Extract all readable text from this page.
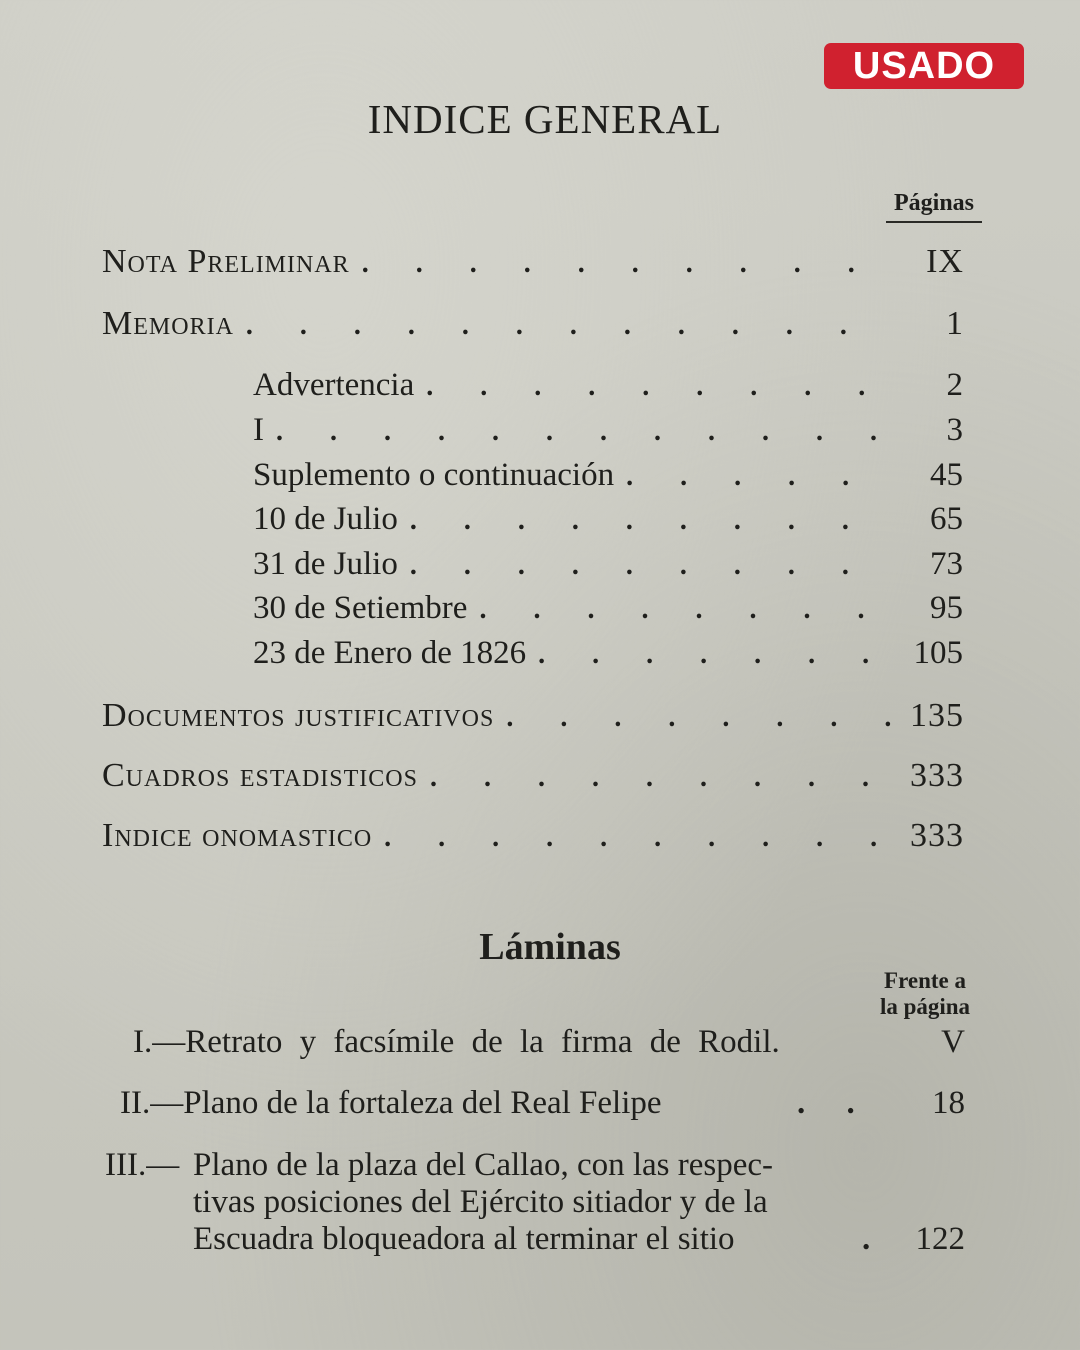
USADO
INDICE GENERAL
Páginas
Nota Preliminar . . .	IX
Memoria . . .	1
Advertencia . . .	2
I . . .	3
Suplemento o continuación . . .	45
10 de Julio . . .	65
31 de Julio . . .	73
30 de Setiembre . . .	95
23 de Enero de 1826 . . .	105
Documentos justificativos . . .	135
Cuadros estadisticos . . .	333
Indice onomastico . . .	333
Láminas
Frente a
la página
I.—Retrato y facsímile de la firma de Rodil.	V
II.—Plano de la fortaleza del Real Felipe	.     .	18
III.— Plano de la plaza del Callao, con las respec-
tivas posiciones del Ejército sitiador y de la
Escuadra bloqueadora al terminar el sitio	.	122
